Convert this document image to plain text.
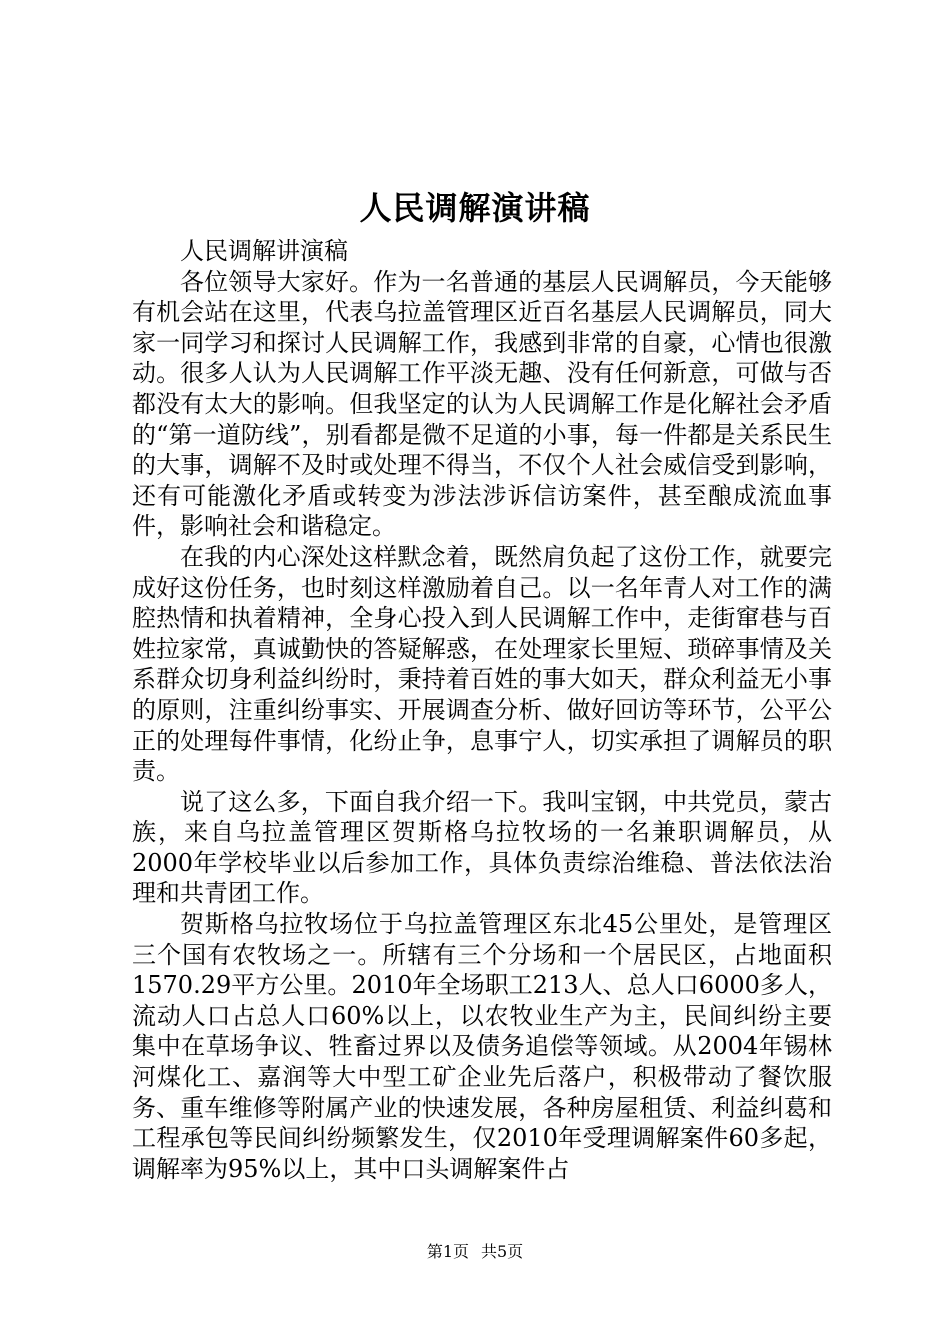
人民调解演讲稿

人民调解讲演稿

各位领导大家好。作为一名普通的基层人民调解员，今天能够有机会站在这里，代表乌拉盖管理区近百名基层人民调解员，同大家一同学习和探讨人民调解工作，我感到非常的自豪，心情也很激动。很多人认为人民调解工作平淡无趣、没有任何新意，可做与否都没有太大的影响。但我坚定的认为人民调解工作是化解社会矛盾的“第一道防线”，别看都是微不足道的小事，每一件都是关系民生的大事，调解不及时或处理不得当，不仅个人社会威信受到影响，还有可能激化矛盾或转变为涉法涉诉信访案件，甚至酿成流血事件，影响社会和谐稳定。

在我的内心深处这样默念着，既然肩负起了这份工作，就要完成好这份任务，也时刻这样激励着自己。以一名年青人对工作的满腔热情和执着精神，全身心投入到人民调解工作中，走街窜巷与百姓拉家常，真诚勤快的答疑解惑，在处理家长里短、琐碎事情及关系群众切身利益纠纷时，秉持着百姓的事大如天，群众利益无小事的原则，注重纠纷事实、开展调查分析、做好回访等环节，公平公正的处理每件事情，化纷止争，息事宁人，切实承担了调解员的职责。

说了这么多，下面自我介绍一下。我叫宝钢，中共党员，蒙古族，来自乌拉盖管理区贺斯格乌拉牧场的一名兼职调解员，从2000年学校毕业以后参加工作，具体负责综治维稳、普法依法治理和共青团工作。

贺斯格乌拉牧场位于乌拉盖管理区东北45公里处，是管理区三个国有农牧场之一。所辖有三个分场和一个居民区，占地面积1570.29平方公里。2010年全场职工213人、总人口6000多人，流动人口占总人口60%以上，以农牧业生产为主，民间纠纷主要集中在草场争议、牲畜过界以及债务追偿等领域。从2004年锡林河煤化工、嘉润等大中型工矿企业先后落户，积极带动了餐饮服务、重车维修等附属产业的快速发展，各种房屋租赁、利益纠葛和工程承包等民间纠纷频繁发生，仅2010年受理调解案件60多起，调解率为95%以上，其中口头调解案件占

第1页 共5页
